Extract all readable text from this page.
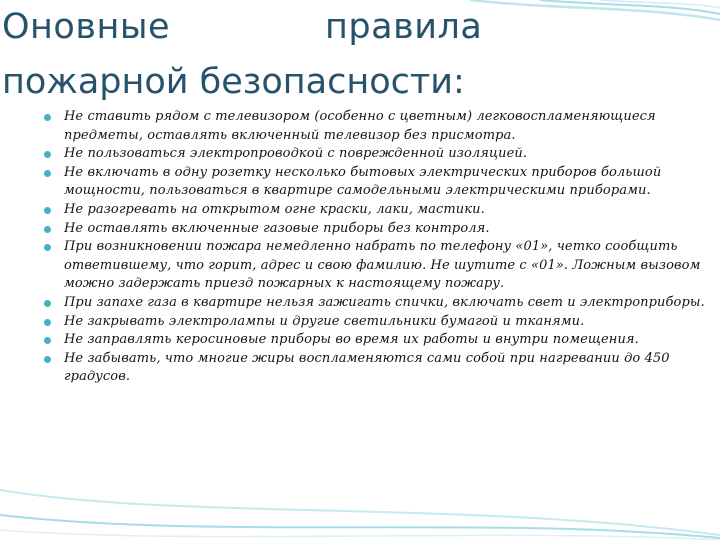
Оновные	правила
пожарной безопасности:
Не ставить рядом с телевизором (особенно с цветным) легковоспламеняющиеся предметы, оставлять включенный телевизор без присмотра.
Не пользоваться электропроводкой с поврежденной изоляцией.
Не включать в одну розетку несколько бытовых электрических приборов большой мощности, пользоваться в квартире самодельными электрическими приборами.
Не разогревать на открытом огне краски, лаки, мастики.
Не оставлять включенные газовые приборы без контроля.
При возникновении пожара немедленно набрать по телефону «01», четко сообщить ответившему, что горит, адрес и свою фамилию. Не шутите с «01». Ложным вызовом можно задержать приезд пожарных к настоящему пожару.
При запахе газа в квартире нельзя зажигать спички, включать свет и электроприборы.
Не закрывать электролампы и другие светильники бумагой и тканями.
Не заправлять керосиновые приборы во время их работы и внутри помещения.
Не забывать, что многие жиры воспламеняются сами собой при нагревании до 450 градусов.
